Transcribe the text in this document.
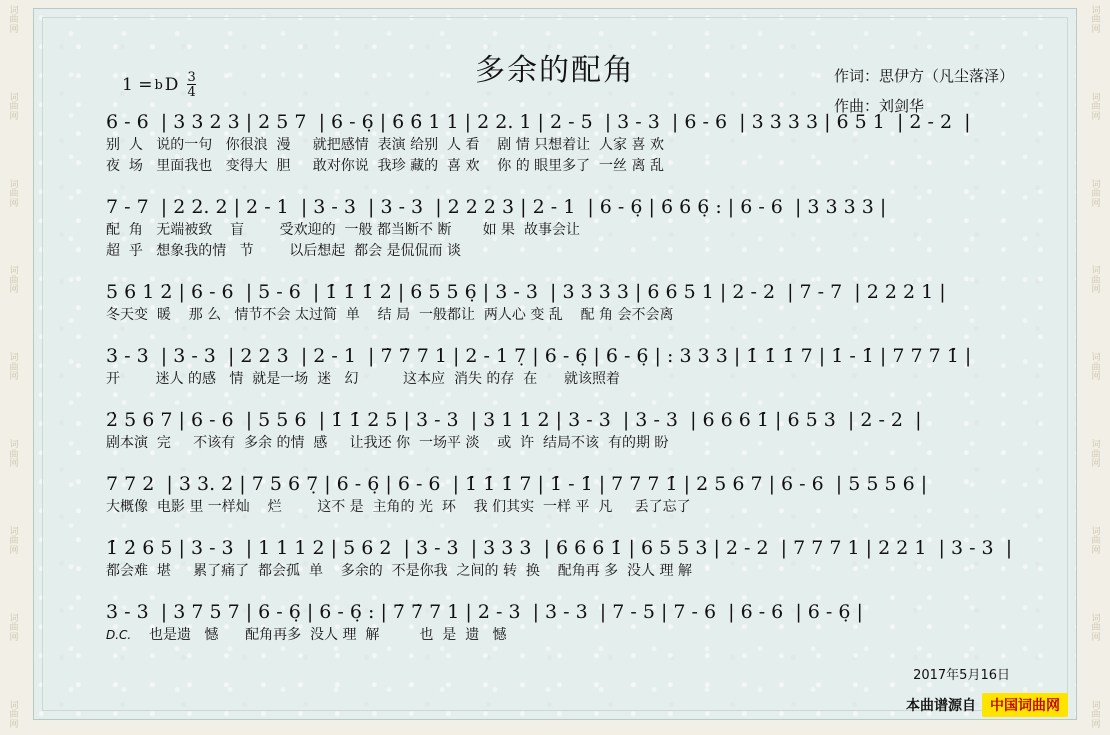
词曲网
词曲网
词曲网
词曲网
词曲网
词曲网
词曲网
词曲网
词曲网
词曲网
词曲网
词曲网
词曲网
词曲网
词曲网
词曲网
词曲网
词曲网
多余的配角	作词：思伊方（凡尘落泽）
作曲：刘剑华
1 = b D $\frac{3}{4}$
6 - 6  | 3 3 2 3 | 2 5 7  | 6 - 6̣ | 6̇ 6̇ 1 1 | 2 2. 1 | 2 - 5  | 3 - 3  | 6 - 6  | 3 3 3 3 | 6 5 1  | 2 - 2  |
别  人   说的一句   你很浪  漫     就把感情  表演 给别  人 看    剧 情 只想着让  人家 喜 欢
夜  场   里面我也   变得大  胆     敢对你说  我珍 藏的  喜 欢    你 的 眼里多了  一丝 离 乱
7 - 7  | 2 2. 2 | 2 - 1  | 3 - 3  | 3 - 3  | 2 2 2 3 | 2 - 1  | 6 - 6̣ | 6̇ 6̇ 6̣ : | 6 - 6  | 3 3 3 3 |
配  角   无端被致    盲        受欢迎的  一般 都当断不 断       如 果  故事会让
超  乎   想象我的情   节        以后想起  都会 是侃侃而 谈
5 6 1 2̇ | 6 - 6  | 5 - 6  | 1̇ 1̇ 1̇ 2̇ | 6 5 5 6̣ | 3 - 3  | 3 3 3 3 | 6 6 5 1 | 2 - 2  | 7 - 7  | 2 2 2 1 |
冬天变  暖    那 么   情节不会 太过简  单    结 局  一般都让  两人心 变 乱    配 角 会不会离
3 - 3  | 3 - 3  | 2 2 3  | 2 - 1  | 7̇ 7̇ 7 1 | 2 - 1 7̣ | 6 - 6̣ | 6 - 6̣ | : 3 3 3 | 1̇ 1̇ 1̇ 7 | 1̇ - 1̇ | 7 7 7 1̇ |
开        迷人 的感   情  就是一场  迷   幻          这本应  消失 的存  在      就该照着
2̇ 5 6 7 | 6 - 6  | 5 5 6  | 1̇ 1̇ 2 5 | 3 - 3  | 3 1 1 2 | 3 - 3  | 3 - 3  | 6 6 6 1̇ | 6 5 3  | 2 - 2  |
剧本演  完     不该有  多余 的情  感     让我还 你  一场平 淡    或  许  结局不该  有的期 盼
7 7 2  | 3 3. 2̇ | 7 5 6 7̣ | 6 - 6̣ | 6 - 6  | 1̇ 1̇ 1̇ 7 | 1̇ - 1̇ | 7 7 7 1̇ | 2 5 6 7 | 6 - 6  | 5 5 5 6 |
大概像  电影 里 一样灿    烂        这不 是  主角的 光  环    我 们其实  一样 平  凡     丢了忘了
1̇ 2̇ 6 5 | 3 - 3  | 1 1 1 2 | 5 6 2  | 3 - 3  | 3 3 3  | 6 6 6 1̇ | 6 5 5 3 | 2 - 2  | 7 7 7 1 | 2 2 1  | 3 - 3  |
都会难  堪     累了痛了  都会孤  单    多余的  不是你我  之间的 转  换    配角再 多  没人 理 解
3 - 3  | 3 7 5 7 | 6 - 6̣ | 6 - 6̣ : | 7̇ 7̇ 7 1 | 2 - 3  | 3 - 3  | 7 - 5 | 7 - 6  | 6 - 6  | 6 - 6̣ |
D.C.    也是遗   憾      配角再多  没人 理  解         也  是  遗   憾
2017年5月16日
本曲谱源自	中国词曲网
